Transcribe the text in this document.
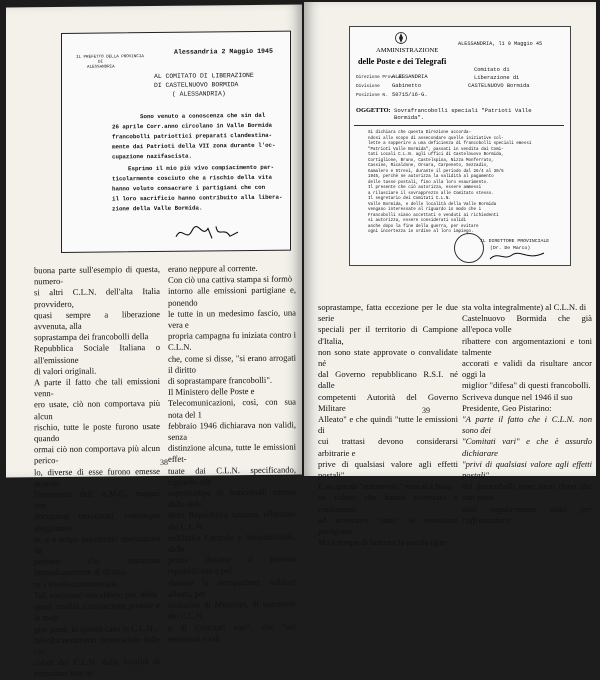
IL PREFETTO DELLA PROVINCIA
DI
ALESSANDRIA
Alessandria 2 Maggio 1945
AL COMITATO DI LIBERAZIONE
DI CASTELNUOVO BORMIDA
( ALESSANDRIA)
Sono venuto a conoscenza che sin dal
26 aprile Corr.anno circolano in Valle Bormida
francobolli patriottici preparati clandestina-
mente dai Patrioti della VII zona durante l'oc-
cupazione nazifascista.
Esprimo il mio più vivo compiacimento par-
ticolarmente cosciuto che a rischio della vita
hanno voluto consacrare i partigiani che con
il loro sacrificio hanno contribuito alla libera-
zione della Valle Bormida.
buona parte sull'esempio di questa, numero-
si altri C.L.N. dell'alta Italia provvidero,
quasi sempre a liberazione avvenuta, alla
soprastampa dei francobolli della
Repubblica Sociale Italiana o all'emissione
di valori originali.
A parte il fatto che tali emissioni venn-
ero usate, ciò non comportava più alcun
rischio, tutte le poste furono usate quando
ormai ciò non comportava più alcun perico-
lo, diverse di esse furono emesse quando
l'intervento dell' A.M.G., magari con
documenti retrodatati, comunque illegalmen-
te, e a scopo puramente speculativo da
persone che tentarono immediatamente di sfrutta-
re a livello commerciale.
Tali emissioni non ebbero poi, nella
quasi totalità, circolazione postale e la mag-
gior parte, in questo caso in C.L.N.,
talvolta nemmeno riconosciute dalle cir-
colari dei C.L.N. dalle località di emissione non ne
erano neppure al corrente.
Con ciò una cattiva stampa si formò
intorno alle emissioni partigiane e, ponendo
le tutte in un medesimo fascio, una vera e
propria campagna fu iniziata contro i C.L.N.
che, come si disse, "si erano arrogati il diritto
di soprastampare francobolli".
Il Ministero delle Poste e
Telecomunicazioni, così, con sua nota del 1
febbraio 1946 dichiarava non validi, senza
distinzione alcuna, tutte le emissioni effet-
tuate dai C.L.N. specificando, riguardo alle
soprastampe di francobolli emessi dalla sud-
detta Repubblica fascista, effettuate dai C.L.N.
nell'Italia Centrale e Settentrionale, dalle
prima durante il periodo repubblicano e poi
durante la occupazione militare alleata, per
iniziativa di Municipi, di segreterie dei C.L.N.
e di Comitati vari", che "tali emissioni e tali
38
AMMINISTRAZIONE
delle Poste e dei Telegrafi
ALESSANDRIA, lì 9 Maggio 45
Direzione Prov. di
ALESSANDRIA
Divisione Gabinetto
Posizione N. 50715/16-G.
Comitato di
Liberazione di
CASTELNUOVO Bormida
OGGETTO: Sovrafrancobolli speciali "Patrioti Valle Bormida".
Si dichiara che questa Direzione accorda-
ndosi allo scopo di assecondare quelle iniziative col-
lette a sopperire a una deficienza di francobolli speciali emessi
"Patrioti Valle Bormida", passati in vendita dai Comi-
tati Locali C.L.N. agli uffici di Castelnuovo Bormida,
Cortiglione, Bruno, Castelspina, Nizza Monferrato,
Cassine, Ricaldone, Orsara, Carpeneto, Sezzadio,
Gamalero e Strevi, durante il periodo dal 26/4 al 30/5
1945, perchè ne autorizza la validità al pagamento
delle tasse postali, fino alla loro esaurimento.
Il presente che ciò autorizza, essere ammessi
a rilasciare il sovrapprezzo alle Comitato stesso.
Il segretario dei Comitati C.L.N.
Valle Bormida, e delle località della Valle Bormida
vengano interessate al riguardo in modo che i
Francobolli siano accettati e venduti ai richiedenti
si autorizza, essere considerati validi
anche dopo la fine della guerra, per evitare
ogni incertezza in ordine al loro impiego.
IL DIRETTORE PROVINCIALE
(Dr. De Marco)
soprastampe, fatta eccezione per le due serie
speciali per il territorio di Campione d'Italia,
non sono state approvate o convalidate né
dal Governo repubblicano R.S.I. né dalle
competenti Autorità del Governo Militare
Alleato" e che quindi "tutte le emissioni di
cui trattasi devono considerarsi arbitrarie e
prive di qualsiasi valore agli effetti postali".
E su questa "autorevole" nota si è basa-
no coloro che hanno avversato e continuano
ad avversare "tutte" le emissioni partigiane.
Ma è tempo di lasciare la parola (que-
sta volta integralmente) al C.L.N. di
Castelnuovo Bormida che già all'epoca volle
ribattere con argomentazioni e toni talmente
accorati e validi da risultare ancor oggi la
miglior "difesa" di questi francobolli.
Scriveva dunque nel 1946 il suo
Presidente, Geo Pistarino:
"A parte il fatto che i C.L.N. non sono dei
"Comitati vari" e che è assurdo dichiarare
"privi di qualsiasi valore agli effetti postali"
dei francobolli nove mesi dopo che essi sono
stati regolarmente usati per l'affrancatura
39
